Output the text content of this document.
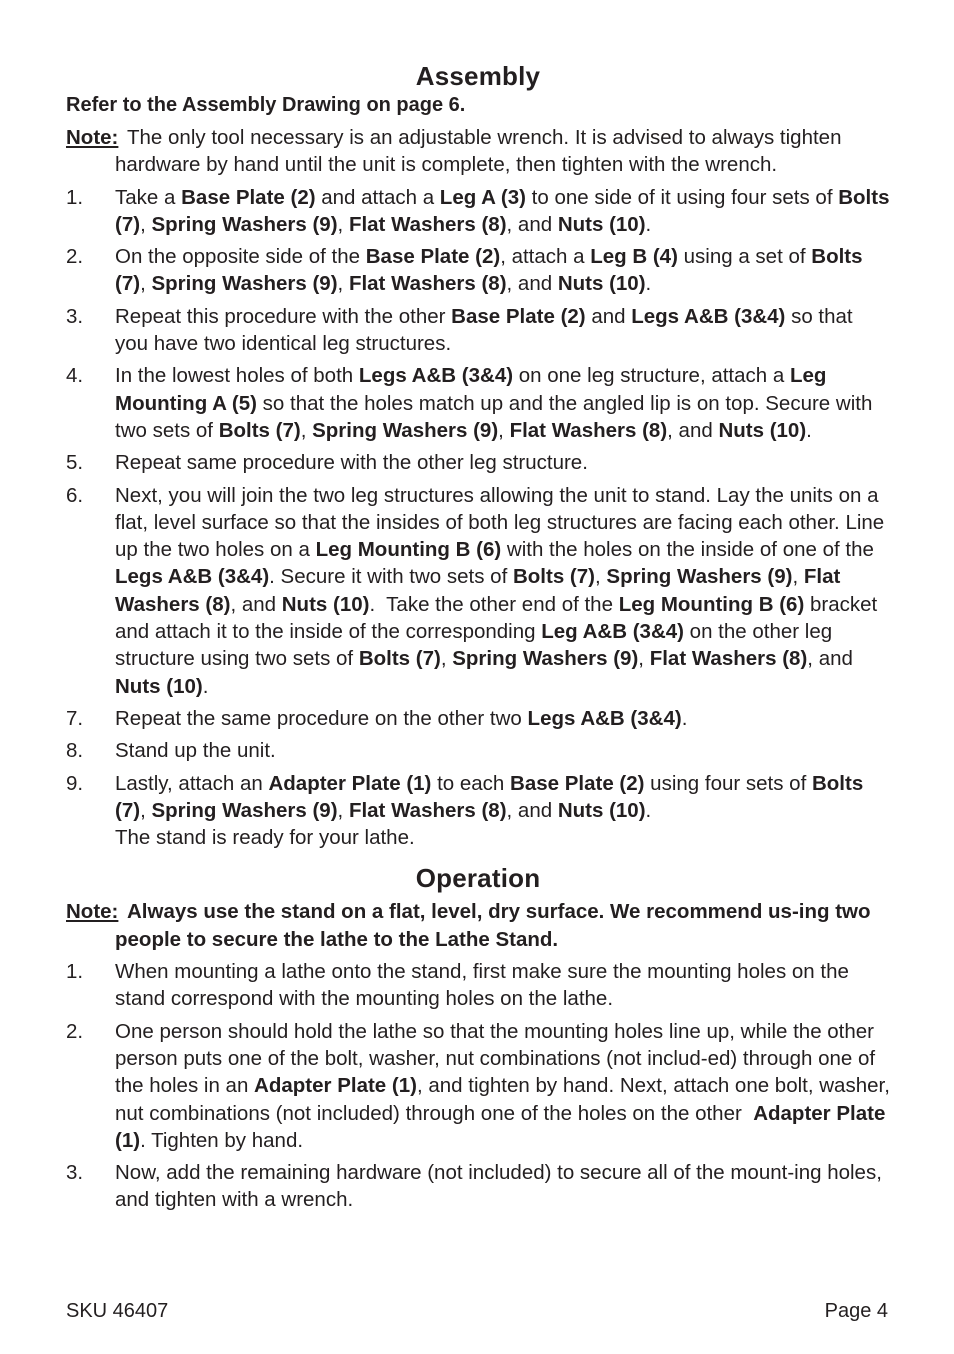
Assembly
Refer to the Assembly Drawing on page 6.
Note: The only tool necessary is an adjustable wrench. It is advised to always tighten hardware by hand until the unit is complete, then tighten with the wrench.
1. Take a Base Plate (2) and attach a Leg A (3) to one side of it using four sets of Bolts (7), Spring Washers (9), Flat Washers (8), and Nuts (10).
2. On the opposite side of the Base Plate (2), attach a Leg B (4) using a set of Bolts (7), Spring Washers (9), Flat Washers (8), and Nuts (10).
3. Repeat this procedure with the other Base Plate (2) and Legs A&B (3&4) so that you have two identical leg structures.
4. In the lowest holes of both Legs A&B (3&4) on one leg structure, attach a Leg Mounting A (5) so that the holes match up and the angled lip is on top. Secure with two sets of Bolts (7), Spring Washers (9), Flat Washers (8), and Nuts (10).
5. Repeat same procedure with the other leg structure.
6. Next, you will join the two leg structures allowing the unit to stand. Lay the units on a flat, level surface so that the insides of both leg structures are facing each other. Line up the two holes on a Leg Mounting B (6) with the holes on the inside of one of the Legs A&B (3&4). Secure it with two sets of Bolts (7), Spring Washers (9), Flat Washers (8), and Nuts (10).  Take the other end of the Leg Mounting B (6) bracket and attach it to the inside of the corresponding Leg A&B (3&4) on the other leg structure using two sets of Bolts (7), Spring Washers (9), Flat Washers (8), and Nuts (10).
7. Repeat the same procedure on the other two Legs A&B (3&4).
8. Stand up the unit.
9. Lastly, attach an Adapter Plate (1) to each Base Plate (2) using four sets of Bolts (7), Spring Washers (9), Flat Washers (8), and Nuts (10).
The stand is ready for your lathe.
Operation
Note: Always use the stand on a flat, level, dry surface. We recommend us-ing two people to secure the lathe to the Lathe Stand.
1. When mounting a lathe onto the stand, first make sure the mounting holes on the stand correspond with the mounting holes on the lathe.
2. One person should hold the lathe so that the mounting holes line up, while the other person puts one of the bolt, washer, nut combinations (not includ-ed) through one of the holes in an Adapter Plate (1), and tighten by hand. Next, attach one bolt, washer, nut combinations (not included) through one of the holes on the other  Adapter Plate (1). Tighten by hand.
3. Now, add the remaining hardware (not included) to secure all of the mount-ing holes, and tighten with a wrench.
SKU 46407	Page 4
